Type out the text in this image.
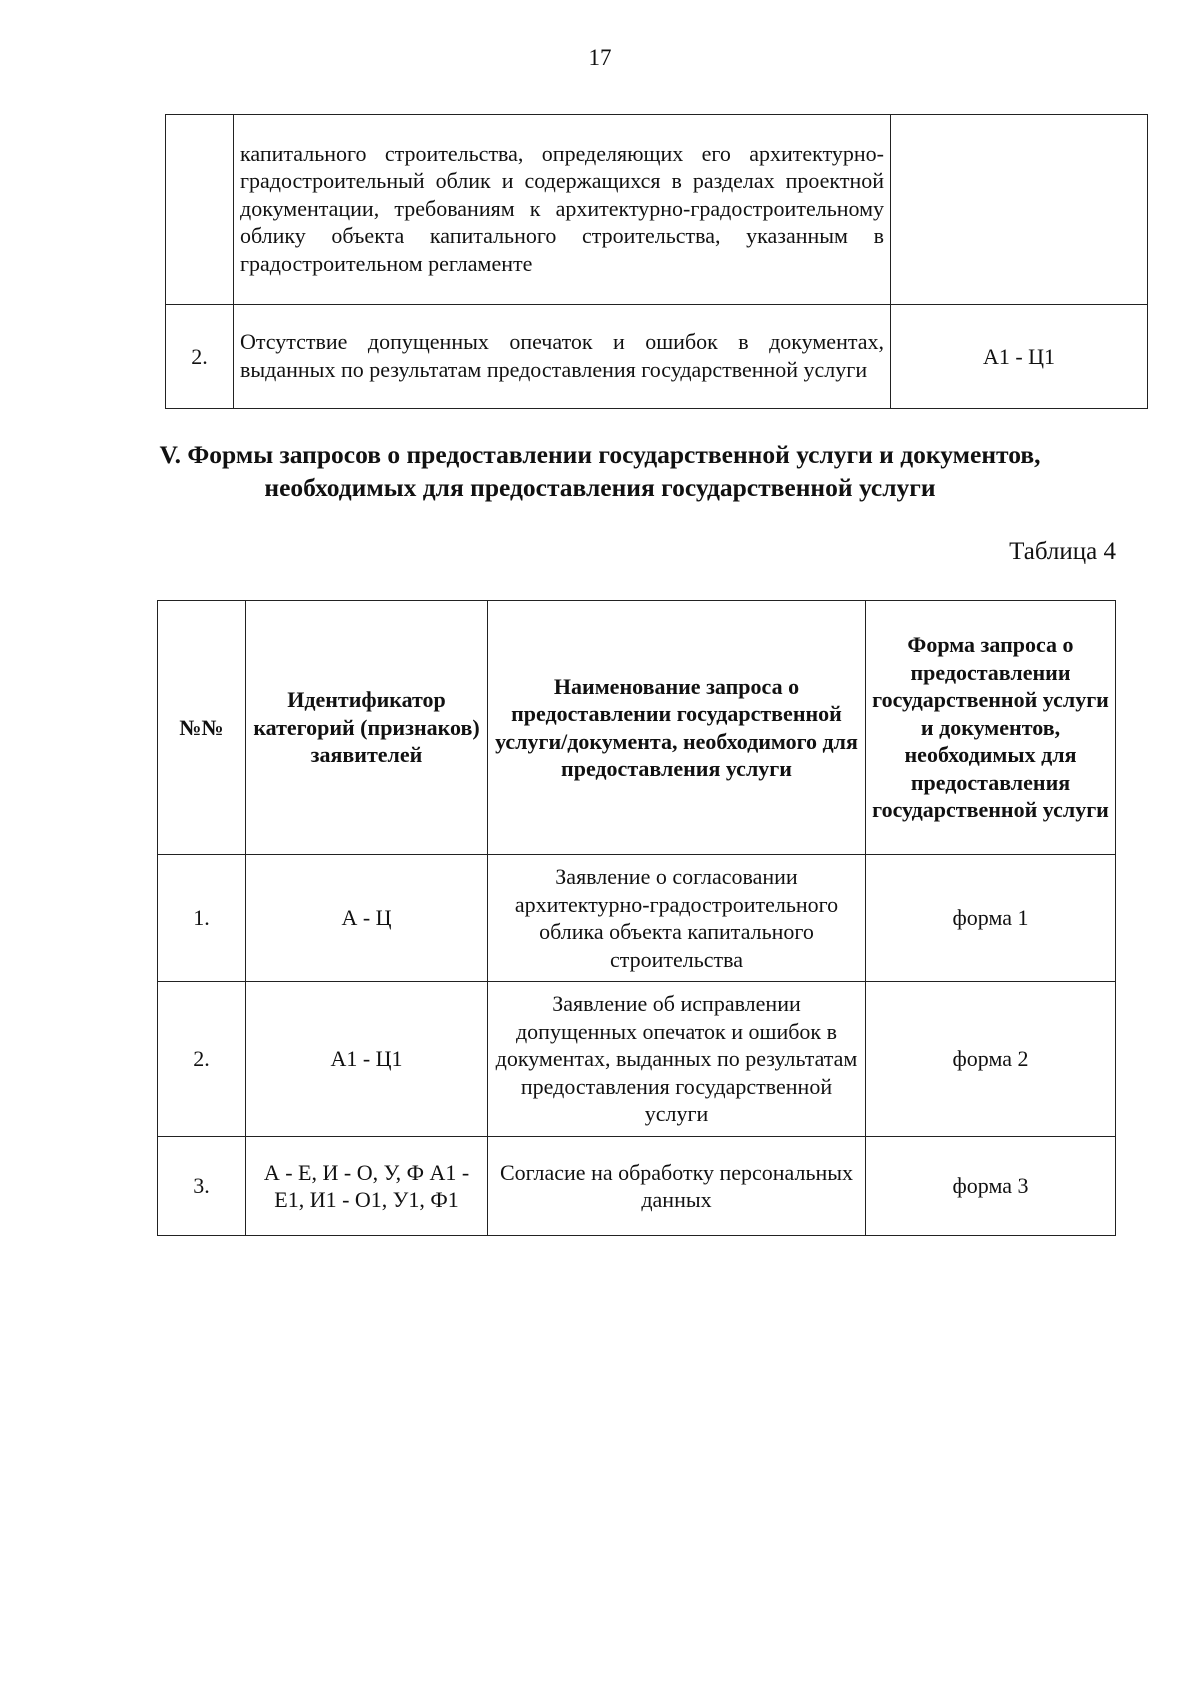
17
	капитального строительства, определяющих его архитектурно-градостроительный облик и содержащихся в разделах проектной документации, требованиям к архитектурно-градостроительному облику объекта капитального строительства, указанным в градостроительном регламенте	
2.	Отсутствие допущенных опечаток и ошибок в документах, выданных по результатам предоставления государственной услуги	А1 - Ц1
V. Формы запросов о предоставлении государственной услуги и документов, необходимых для предоставления государственной услуги
Таблица 4
№№	Идентификатор категорий (признаков) заявителей	Наименование запроса о предоставлении государственной услуги/документа, необходимого для предоставления услуги	Форма запроса о предоставлении государственной услуги и документов, необходимых для предоставления государственной услуги
1.	А - Ц	Заявление о согласовании архитектурно-градостроительного облика объекта капитального строительства	форма 1
2.	А1 - Ц1	Заявление об исправлении допущенных опечаток и ошибок в документах, выданных по результатам предоставления государственной услуги	форма 2
3.	А - Е, И - О, У, Ф А1 - Е1, И1 - О1, У1, Ф1	Согласие на обработку персональных данных	форма 3
